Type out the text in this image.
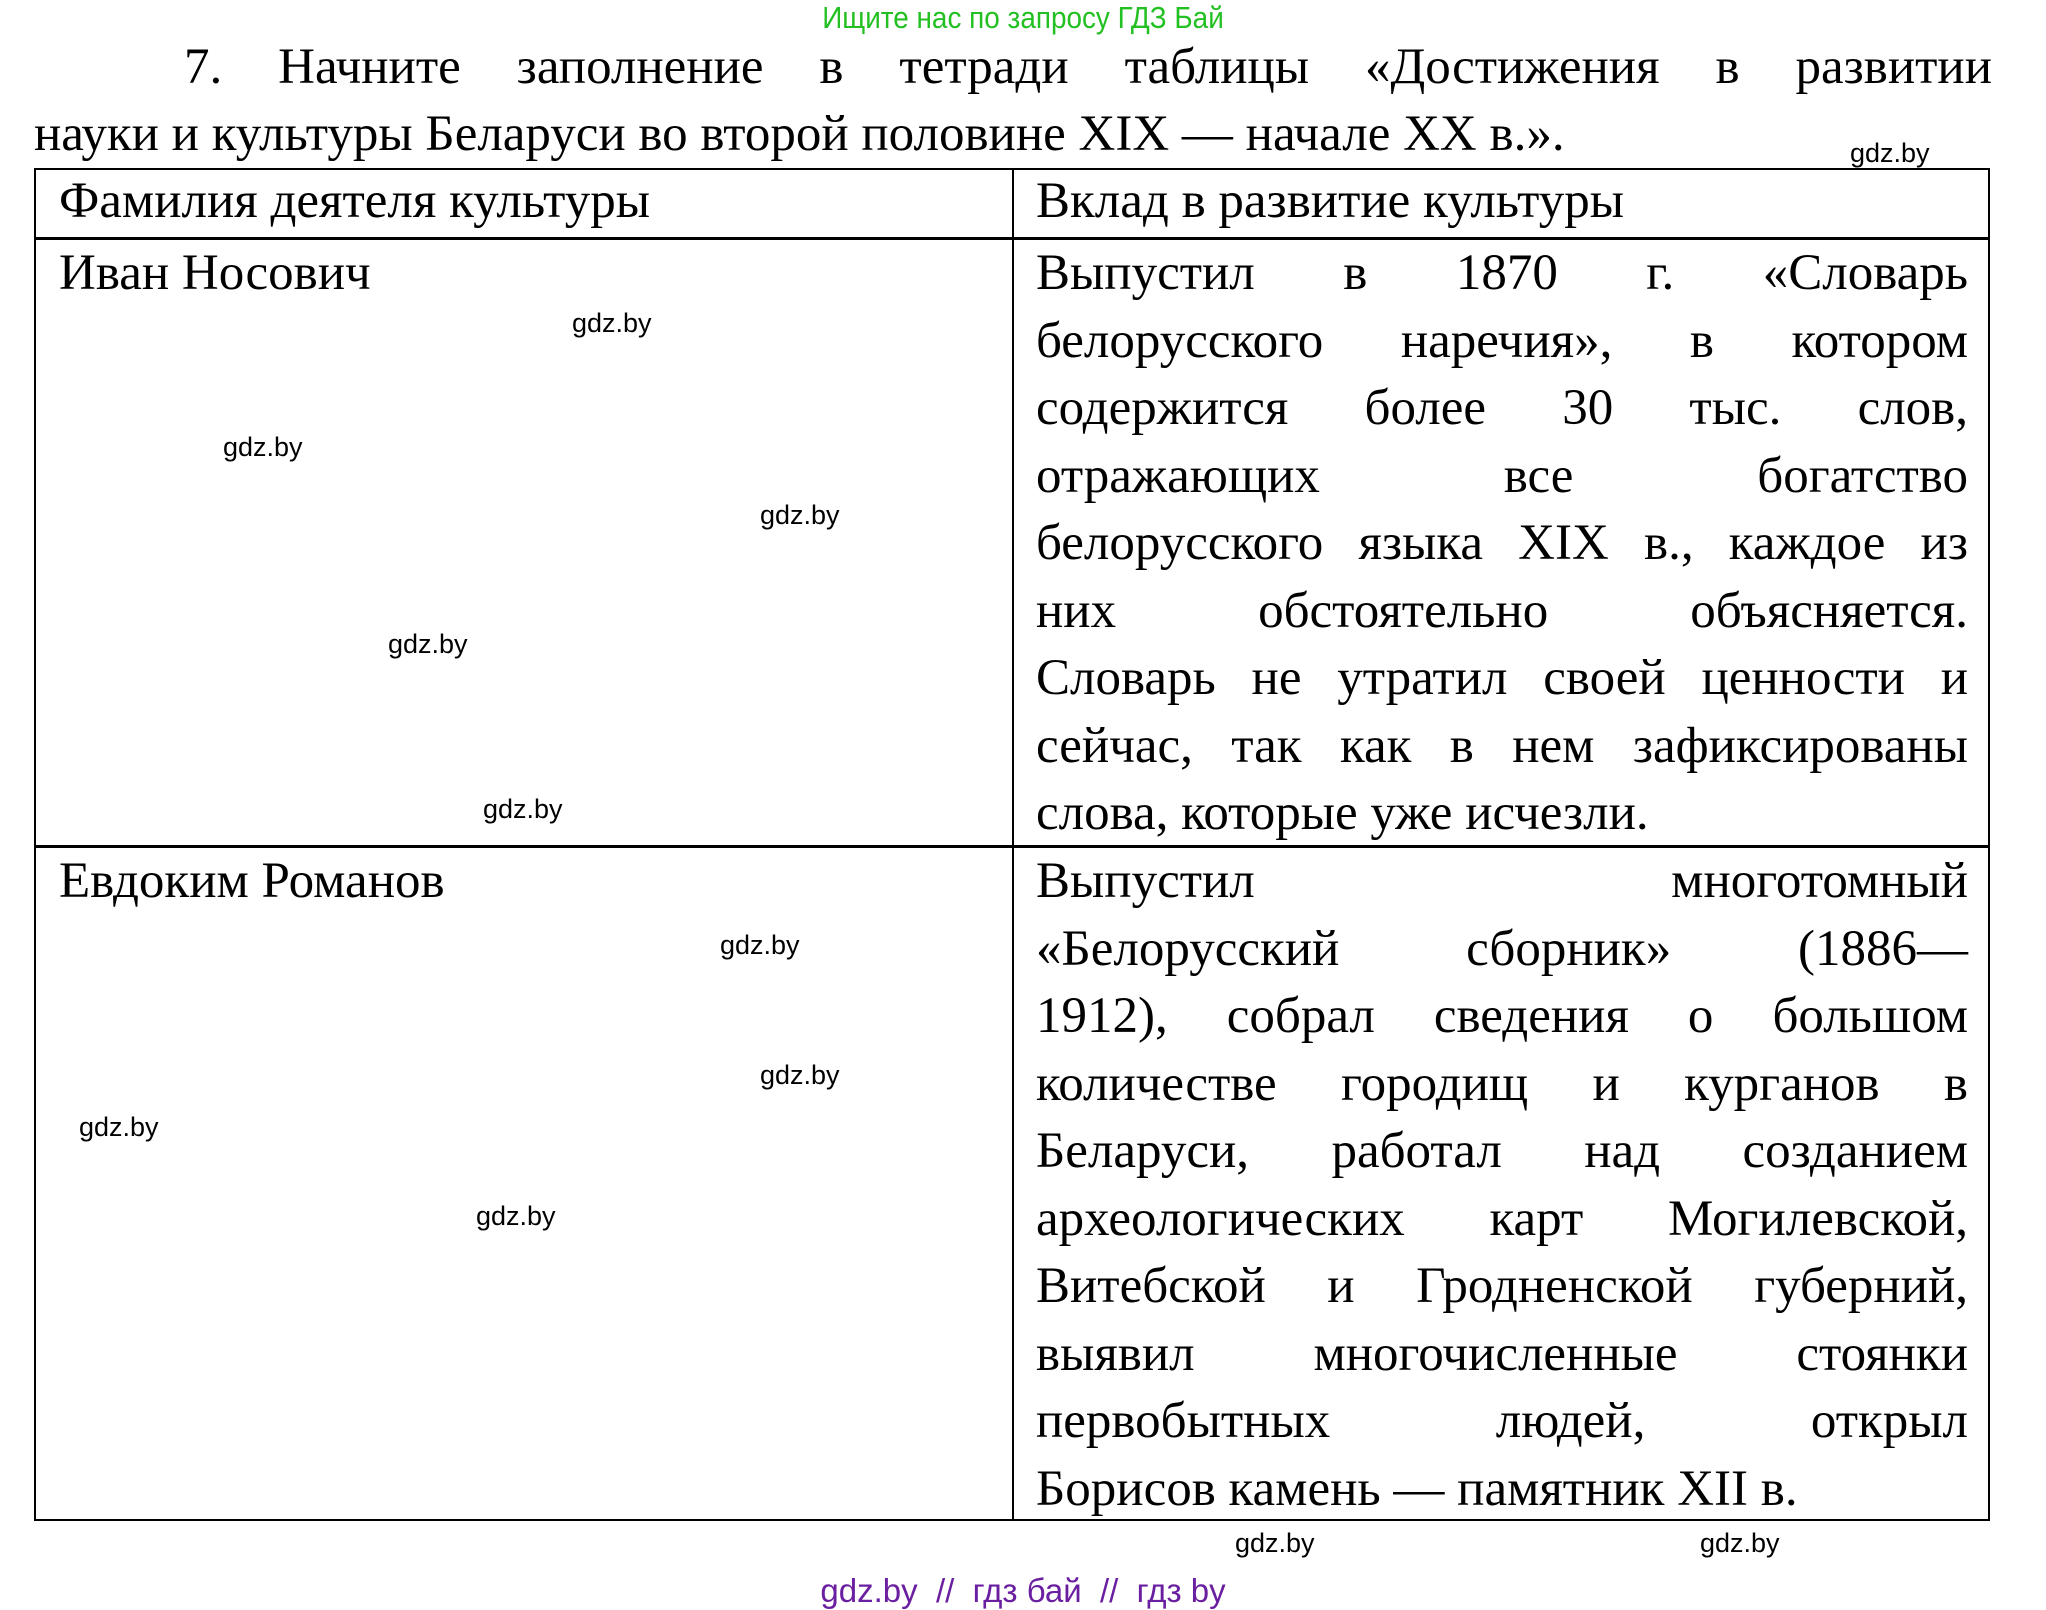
Ищите нас по запросу ГДЗ Бай
7. Начните заполнение в тетради таблицы «Достижения в развитии
науки и культуры Беларуси во второй половине XIX — начале XX в.».
Фамилия деятеля культуры	Вклад в развитие культуры
Иван Носович	Выпустил в 1870 г. «Словарь
белорусского наречия», в котором
содержится более 30 тыс. слов,
отражающих все богатство
белорусского языка XIX в., каждое из
них обстоятельно объясняется.
Словарь не утратил своей ценности и
сейчас, так как в нем зафиксированы
слова, которые уже исчезли.
Евдоким Романов	Выпустил многотомный
«Белорусский сборник» (1886—
1912), собрал сведения о большом
количестве городищ и курганов в
Беларуси, работал над созданием
археологических карт Могилевской,
Витебской и Гродненской губерний,
выявил многочисленные стоянки
первобытных людей, открыл
Борисов камень — памятник XII в.
gdz.by
gdz.by
gdz.by
gdz.by
gdz.by
gdz.by
gdz.by
gdz.by
gdz.by
gdz.by
gdz.by
gdz.by
gdz.by  //  гдз бай  //  гдз by
